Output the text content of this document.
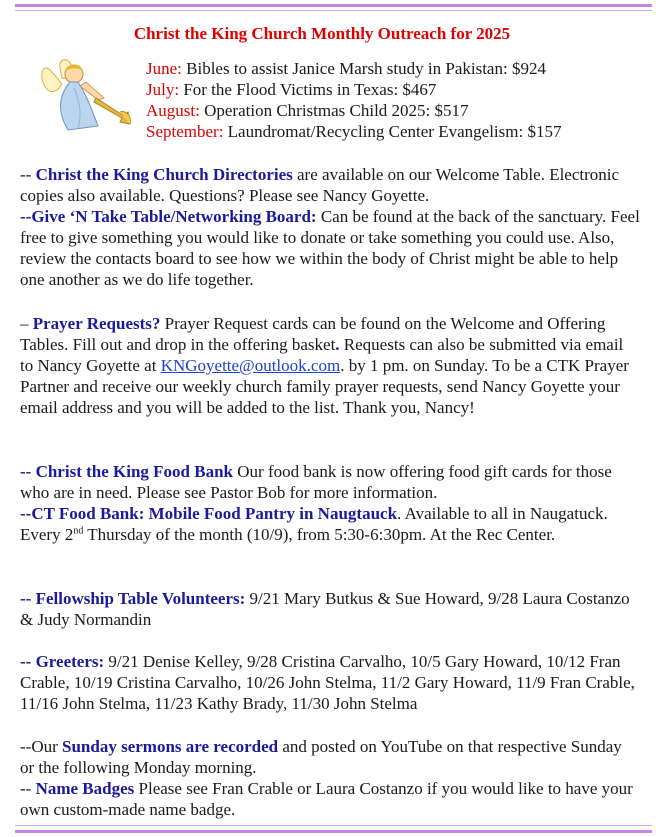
Christ the King Church Monthly Outreach for 2025
June: Bibles to assist Janice Marsh study in Pakistan: $924
July: For the Flood Victims in Texas: $467
August: Operation Christmas Child 2025: $517
September: Laundromat/Recycling Center Evangelism: $157
-- Christ the King Church Directories are available on our Welcome Table. Electronic copies also available. Questions? Please see Nancy Goyette.
--Give ‘N Take Table/Networking Board: Can be found at the back of the sanctuary. Feel free to give something you would like to donate or take something you could use. Also, review the contacts board to see how we within the body of Christ might be able to help one another as we do life together.
– Prayer Requests? Prayer Request cards can be found on the Welcome and Offering Tables. Fill out and drop in the offering basket. Requests can also be submitted via email to Nancy Goyette at KNGoyette@outlook.com. by 1 pm. on Sunday. To be a CTK Prayer Partner and receive our weekly church family prayer requests, send Nancy Goyette your email address and you will be added to the list. Thank you, Nancy!
-- Christ the King Food Bank Our food bank is now offering food gift cards for those who are in need. Please see Pastor Bob for more information.
--CT Food Bank: Mobile Food Pantry in Naugtauck. Available to all in Naugatuck. Every 2nd Thursday of the month (10/9), from 5:30-6:30pm. At the Rec Center.
-- Fellowship Table Volunteers: 9/21 Mary Butkus & Sue Howard, 9/28 Laura Costanzo & Judy Normandin
-- Greeters: 9/21 Denise Kelley, 9/28 Cristina Carvalho, 10/5 Gary Howard, 10/12 Fran Crable, 10/19 Cristina Carvalho, 10/26 John Stelma, 11/2 Gary Howard, 11/9 Fran Crable, 11/16 John Stelma, 11/23 Kathy Brady, 11/30 John Stelma
--Our Sunday sermons are recorded and posted on YouTube on that respective Sunday or the following Monday morning.
-- Name Badges Please see Fran Crable or Laura Costanzo if you would like to have your own custom-made name badge.
